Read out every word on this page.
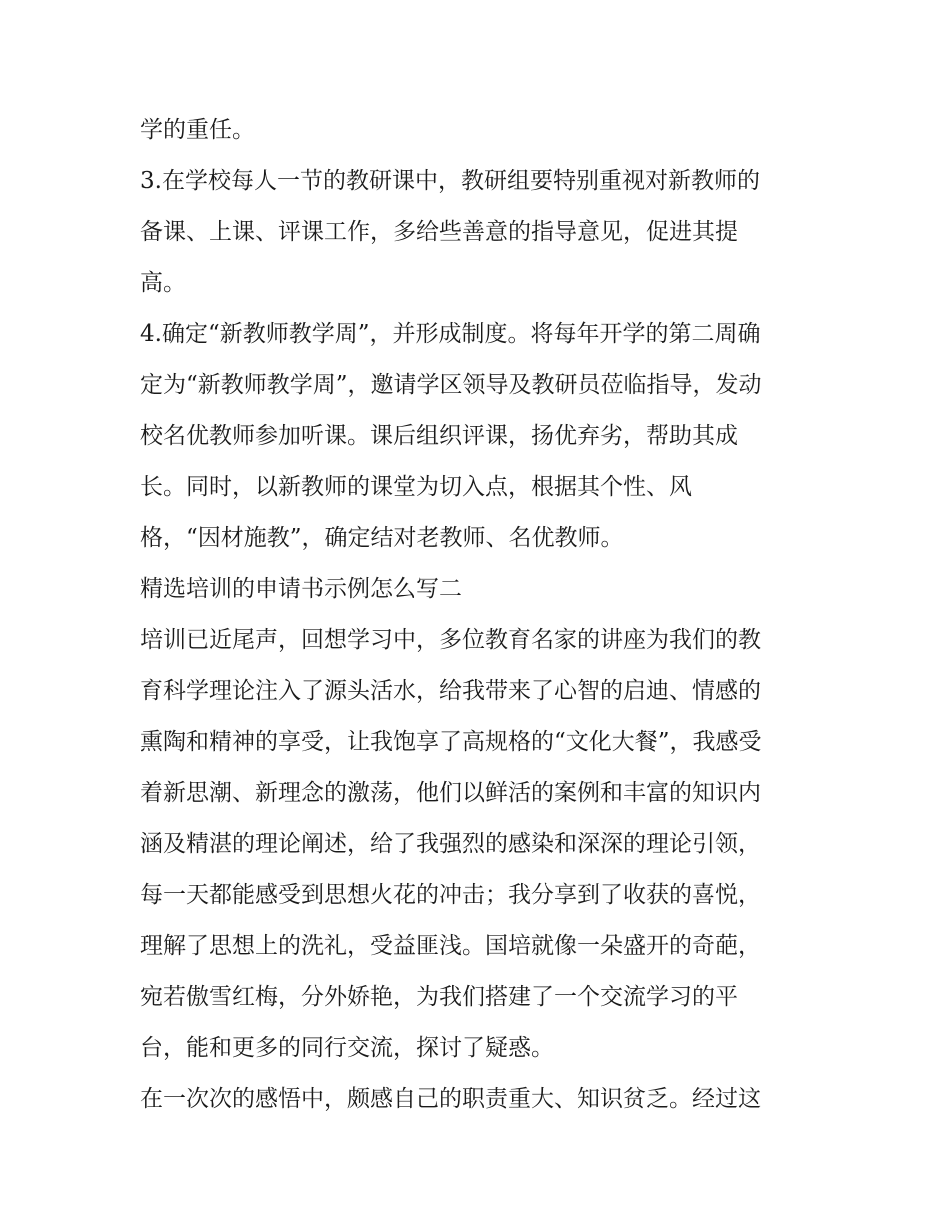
学的重任。
3.在学校每人一节的教研课中，教研组要特别重视对新教师的
备课、上课、评课工作，多给些善意的指导意见，促进其提
高。
4.确定“新教师教学周”，并形成制度。将每年开学的第二周确
定为“新教师教学周”，邀请学区领导及教研员莅临指导，发动
校名优教师参加听课。课后组织评课，扬优弃劣，帮助其成
长。同时，以新教师的课堂为切入点，根据其个性、风
格，“因材施教”，确定结对老教师、名优教师。
精选培训的申请书示例怎么写二
培训已近尾声，回想学习中，多位教育名家的讲座为我们的教
育科学理论注入了源头活水，给我带来了心智的启迪、情感的
熏陶和精神的享受，让我饱享了高规格的“文化大餐”，我感受
着新思潮、新理念的激荡，他们以鲜活的案例和丰富的知识内
涵及精湛的理论阐述，给了我强烈的感染和深深的理论引领，
每一天都能感受到思想火花的冲击；我分享到了收获的喜悦，
理解了思想上的洗礼，受益匪浅。国培就像一朵盛开的奇葩，
宛若傲雪红梅，分外娇艳，为我们搭建了一个交流学习的平
台，能和更多的同行交流，探讨了疑惑。
在一次次的感悟中，颇感自己的职责重大、知识贫乏。经过这
